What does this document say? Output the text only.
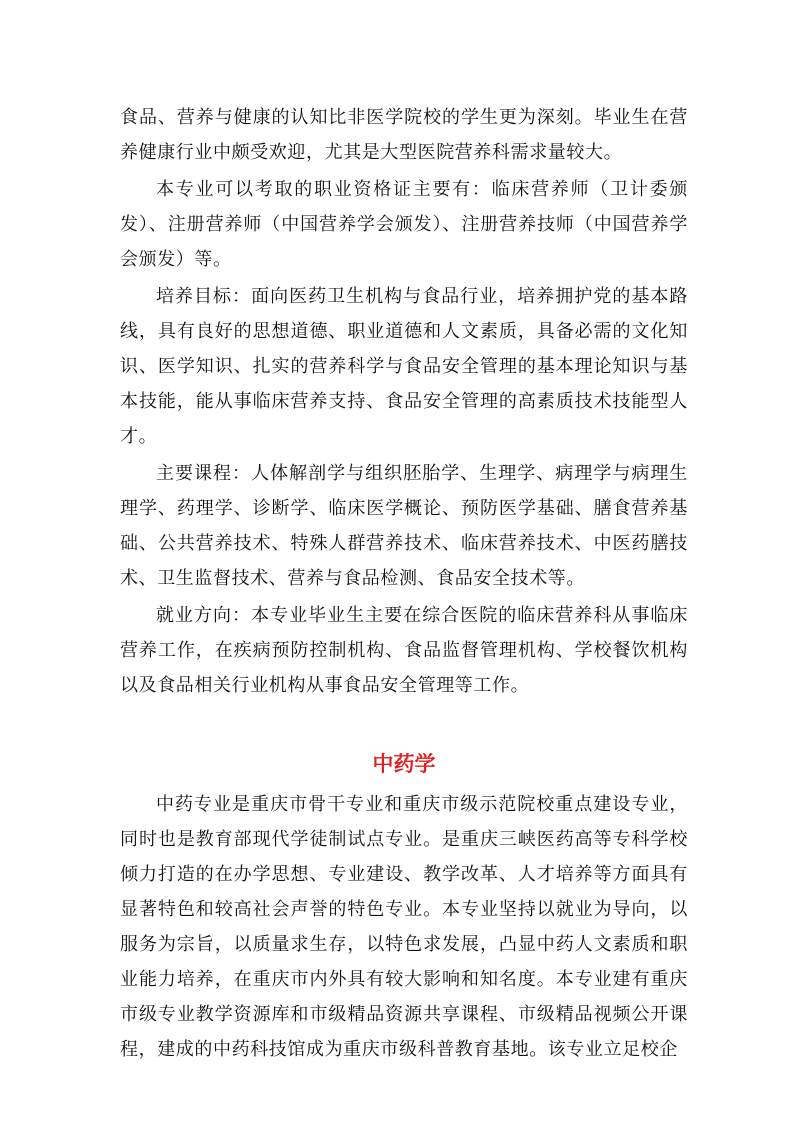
食品、营养与健康的认知比非医学院校的学生更为深刻。毕业生在营养健康行业中颇受欢迎，尤其是大型医院营养科需求量较大。

本专业可以考取的职业资格证主要有：临床营养师（卫计委颁发）、注册营养师（中国营养学会颁发）、注册营养技师（中国营养学会颁发）等。

培养目标：面向医药卫生机构与食品行业，培养拥护党的基本路线，具有良好的思想道德、职业道德和人文素质，具备必需的文化知识、医学知识、扎实的营养科学与食品安全管理的基本理论知识与基本技能，能从事临床营养支持、食品安全管理的高素质技术技能型人才。

主要课程：人体解剖学与组织胚胎学、生理学、病理学与病理生理学、药理学、诊断学、临床医学概论、预防医学基础、膳食营养基础、公共营养技术、特殊人群营养技术、临床营养技术、中医药膳技术、卫生监督技术、营养与食品检测、食品安全技术等。

就业方向：本专业毕业生主要在综合医院的临床营养科从事临床营养工作，在疾病预防控制机构、食品监督管理机构、学校餐饮机构以及食品相关行业机构从事食品安全管理等工作。

中药学

中药专业是重庆市骨干专业和重庆市级示范院校重点建设专业，同时也是教育部现代学徒制试点专业。是重庆三峡医药高等专科学校倾力打造的在办学思想、专业建设、教学改革、人才培养等方面具有显著特色和较高社会声誉的特色专业。本专业坚持以就业为导向，以服务为宗旨，以质量求生存，以特色求发展，凸显中药人文素质和职业能力培养，在重庆市内外具有较大影响和知名度。本专业建有重庆市级专业教学资源库和市级精品资源共享课程、市级精品视频公开课程，建成的中药科技馆成为重庆市级科普教育基地。该专业立足校企
